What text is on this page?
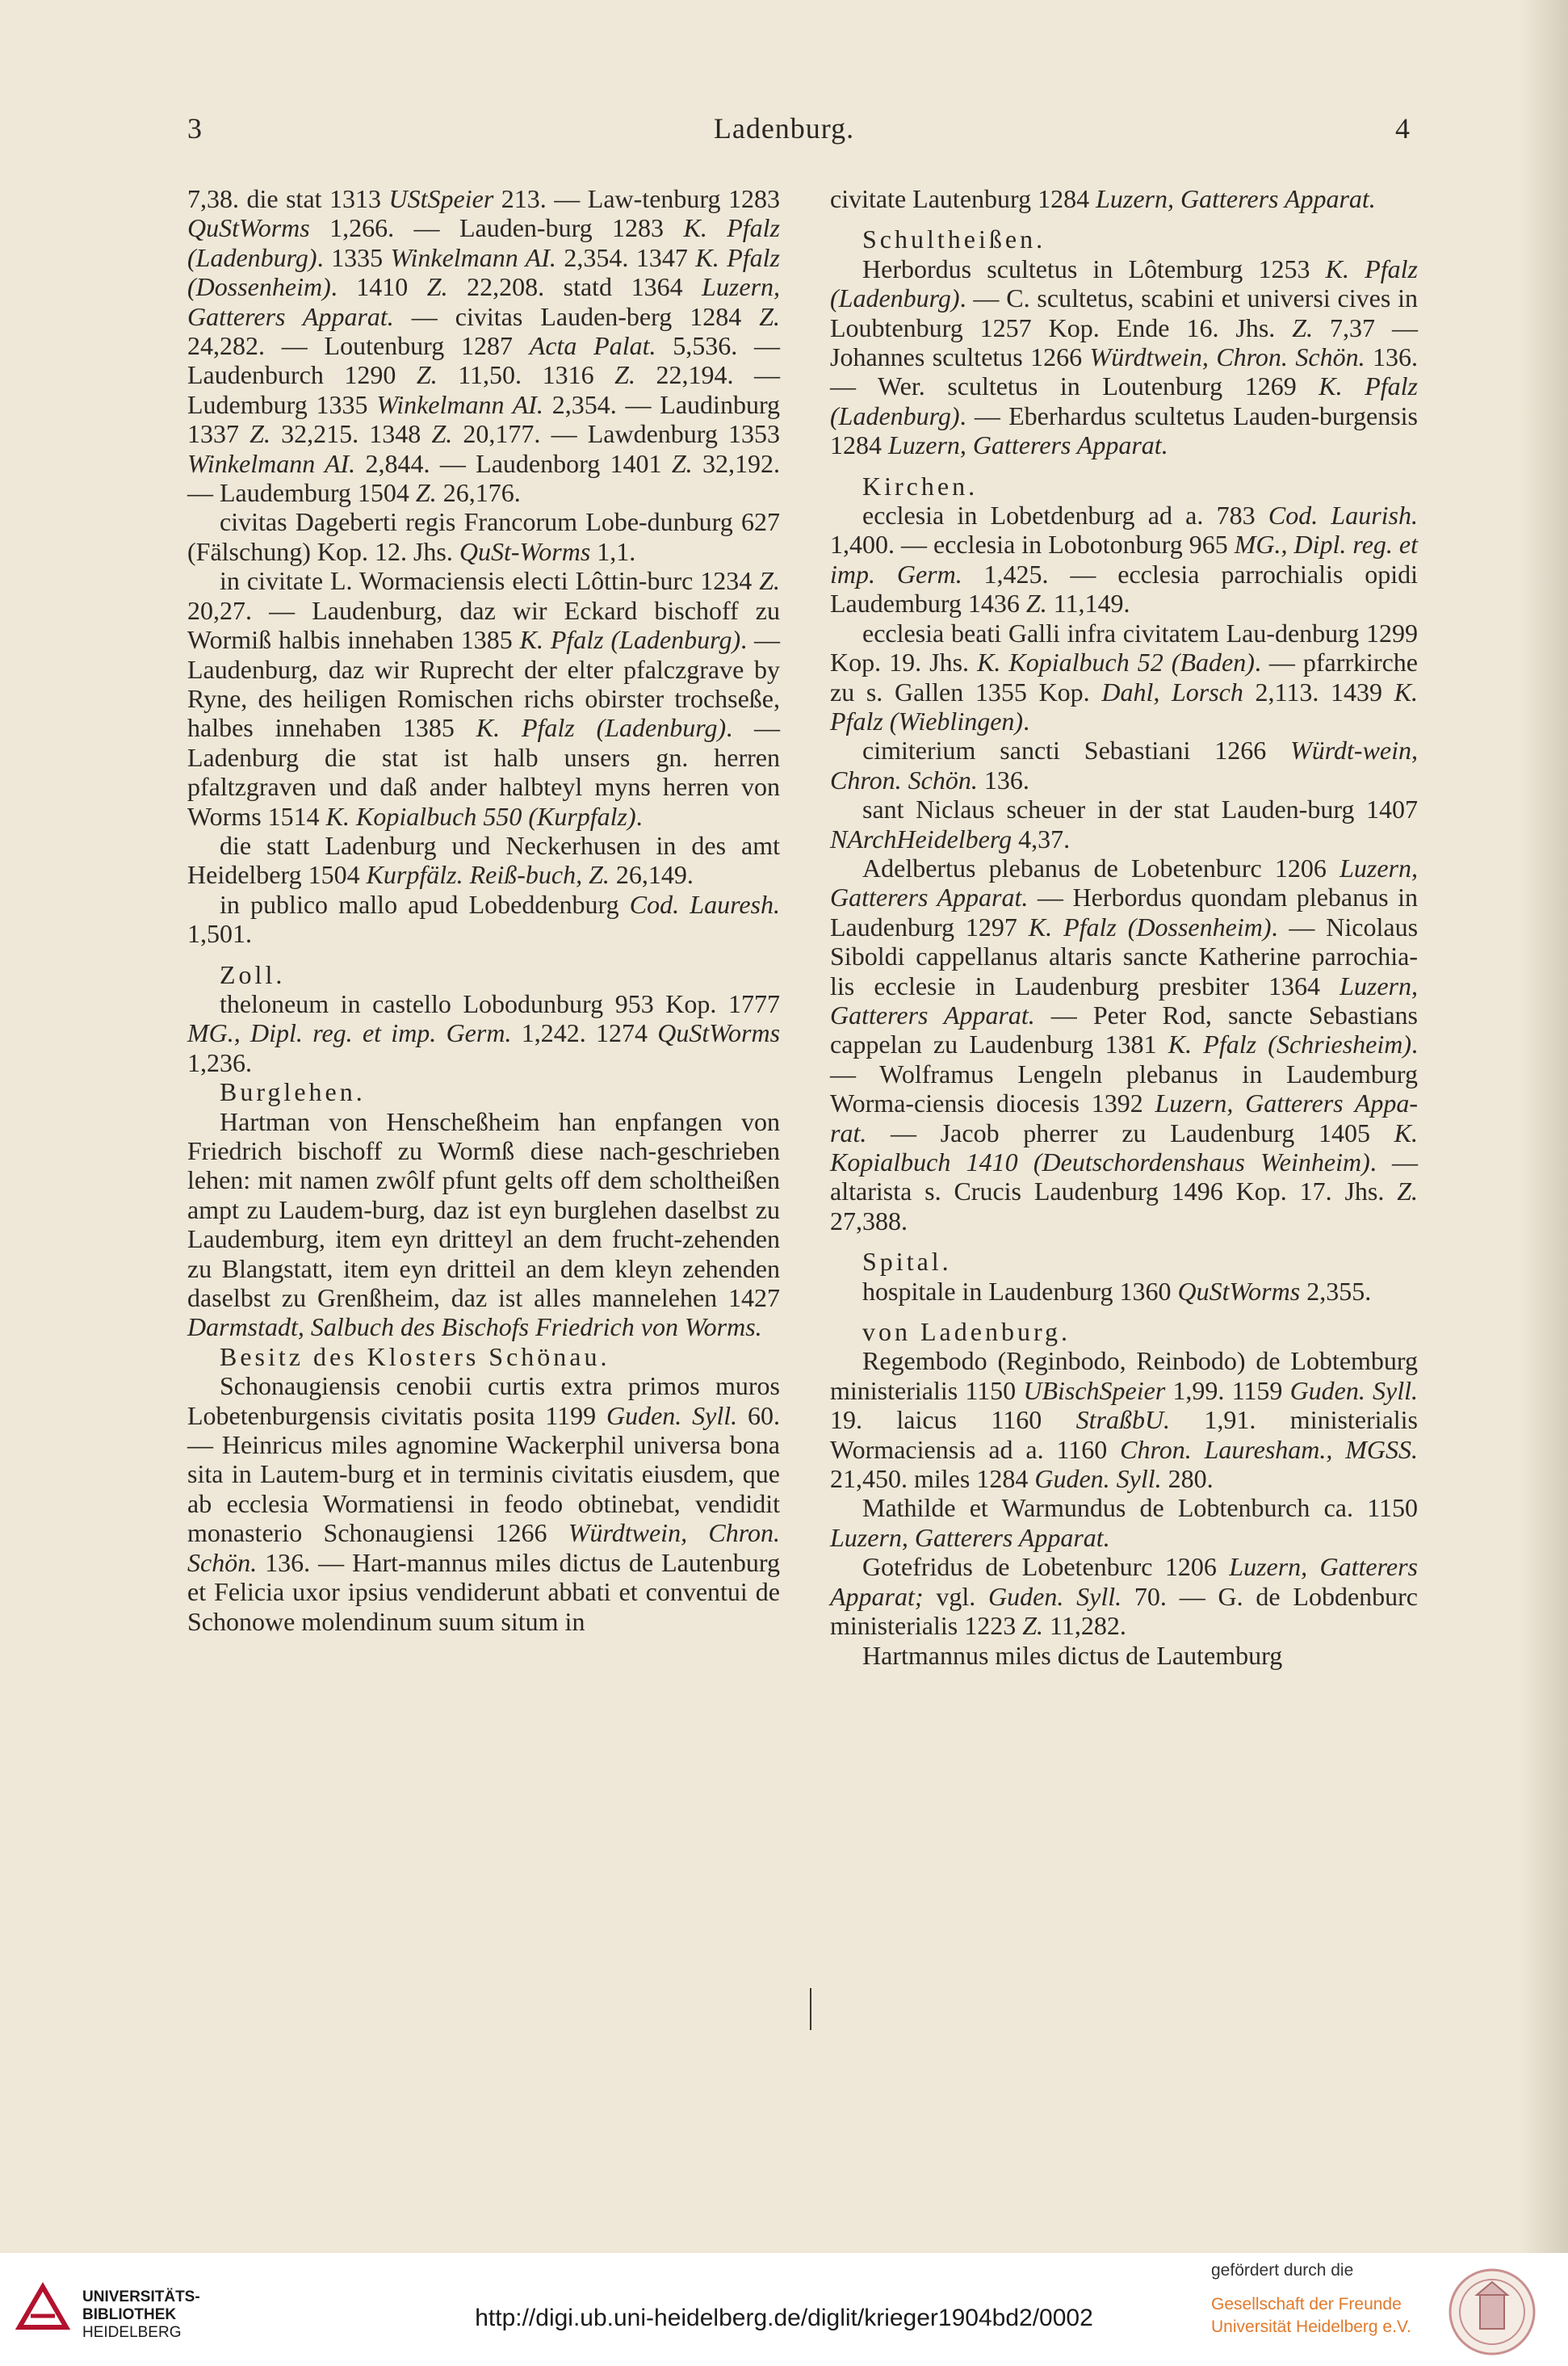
3	Ladenburg.	4

7,38. die stat 1313 UStSpeier 213. — Law-tenburg 1283 QuStWorms 1,266. — Lauden-burg 1283 K. Pfalz (Ladenburg). 1335 Winkelmann AI. 2,354. 1347 K. Pfalz (Dossenheim). 1410 Z. 22,208. statd 1364 Luzern, Gatterers Apparat. — civitas Lauden-berg 1284 Z. 24,282. — Loutenburg 1287 Acta Palat. 5,536. — Laudenburch 1290 Z. 11,50. 1316 Z. 22,194. — Ludemburg 1335 Winkelmann AI. 2,354. — Laudinburg 1337 Z. 32,215. 1348 Z. 20,177. — Lawdenburg 1353 Winkelmann AI. 2,844. — Laudenborg 1401 Z. 32,192. — Laudemburg 1504 Z. 26,176.

civitas Dageberti regis Francorum Lobe-dunburg 627 (Fälschung) Kop. 12. Jhs. QuSt-Worms 1,1.

in civitate L. Wormaciensis electi Lôttin-burc 1234 Z. 20,27. — Laudenburg, daz wir Eckard bischoff zu Wormiß halbis innehaben 1385 K. Pfalz (Ladenburg). — Laudenburg, daz wir Ruprecht der elter pfalczgrave by Ryne, des heiligen Romischen richs obirster trochseße, halbes innehaben 1385 K. Pfalz (Ladenburg). — Ladenburg die stat ist halb unsers gn. herren pfaltzgraven und daß ander halbteyl myns herren von Worms 1514 K. Kopialbuch 550 (Kurpfalz).

die statt Ladenburg und Neckerhusen in des amt Heidelberg 1504 Kurpfälz. Reiß-buch, Z. 26,149.

in publico mallo apud Lobeddenburg Cod. Lauresh. 1,501.

Zoll.

theloneum in castello Lobodunburg 953 Kop. 1777 MG., Dipl. reg. et imp. Germ. 1,242. 1274 QuStWorms 1,236.

Burglehen.

Hartman von Henscheßheim han enpfangen von Friedrich bischoff zu Wormß diese nach-geschrieben lehen: mit namen zwôlf pfunt gelts off dem scholtheißen ampt zu Laudem-burg, daz ist eyn burglehen daselbst zu Laudemburg, item eyn dritteyl an dem frucht-zehenden zu Blangstatt, item eyn dritteil an dem kleyn zehenden daselbst zu Grenßheim, daz ist alles mannelehen 1427 Darmstadt, Salbuch des Bischofs Friedrich von Worms.

Besitz des Klosters Schönau.

Schonaugiensis cenobii curtis extra primos muros Lobetenburgensis civitatis posita 1199 Guden. Syll. 60. — Heinricus miles agnomine Wackerphil universa bona sita in Lautem-burg et in terminis civitatis eiusdem, que ab ecclesia Wormatiensi in feodo obtinebat, vendidit monasterio Schonaugiensi 1266 Würdtwein, Chron. Schön. 136. — Hart-mannus miles dictus de Lautenburg et Felicia uxor ipsius vendiderunt abbati et conventui de Schonowe molendinum suum situm in

civitate Lautenburg 1284 Luzern, Gatterers Apparat.

Schultheißen.

Herbordus scultetus in Lôtemburg 1253 K. Pfalz (Ladenburg). — C. scultetus, scabini et universi cives in Loubtenburg 1257 Kop. Ende 16. Jhs. Z. 7,37 — Johannes scultetus 1266 Würdtwein, Chron. Schön. 136. — Wer. scultetus in Loutenburg 1269 K. Pfalz (Ladenburg). — Eberhardus scultetus Lauden-burgensis 1284 Luzern, Gatterers Apparat.

Kirchen.

ecclesia in Lobetdenburg ad a. 783 Cod. Laurish. 1,400. — ecclesia in Lobotonburg 965 MG., Dipl. reg. et imp. Germ. 1,425. — ecclesia parrochialis opidi Laudemburg 1436 Z. 11,149.

ecclesia beati Galli infra civitatem Lau-denburg 1299 Kop. 19. Jhs. K. Kopialbuch 52 (Baden). — pfarrkirche zu s. Gallen 1355 Kop. Dahl, Lorsch 2,113. 1439 K. Pfalz (Wieblingen).

cimiterium sancti Sebastiani 1266 Würdt-wein, Chron. Schön. 136.

sant Niclaus scheuer in der stat Lauden-burg 1407 NArchHeidelberg 4,37.

Adelbertus plebanus de Lobetenburc 1206 Luzern, Gatterers Apparat. — Herbordus quondam plebanus in Laudenburg 1297 K. Pfalz (Dossenheim). — Nicolaus Siboldi cappellanus altaris sancte Katherine parrochia-lis ecclesie in Laudenburg presbiter 1364 Luzern, Gatterers Apparat. — Peter Rod, sancte Sebastians cappelan zu Laudenburg 1381 K. Pfalz (Schriesheim). — Wolframus Lengeln plebanus in Laudemburg Worma-ciensis diocesis 1392 Luzern, Gatterers Appa-rat. — Jacob pherrer zu Laudenburg 1405 K. Kopialbuch 1410 (Deutschordenshaus Weinheim). — altarista s. Crucis Laudenburg 1496 Kop. 17. Jhs. Z. 27,388.

Spital.

hospitale in Laudenburg 1360 QuStWorms 2,355.

von Ladenburg.

Regembodo (Reginbodo, Reinbodo) de Lobtemburg ministerialis 1150 UBischSpeier 1,99. 1159 Guden. Syll. 19. laicus 1160 StraßbU. 1,91. ministerialis Wormaciensis ad a. 1160 Chron. Lauresham., MGSS. 21,450. miles 1284 Guden. Syll. 280.

Mathilde et Warmundus de Lobtenburch ca. 1150 Luzern, Gatterers Apparat.

Gotefridus de Lobetenburc 1206 Luzern, Gatterers Apparat; vgl. Guden. Syll. 70. — G. de Lobdenburc ministerialis 1223 Z. 11,282.

Hartmannus miles dictus de Lautemburg

UNIVERSITÄTS-
BIBLIOTHEK
HEIDELBERG
http://digi.ub.uni-heidelberg.de/diglit/krieger1904bd2/0002
gefördert durch die
Gesellschaft der Freunde
Universität Heidelberg e.V.
